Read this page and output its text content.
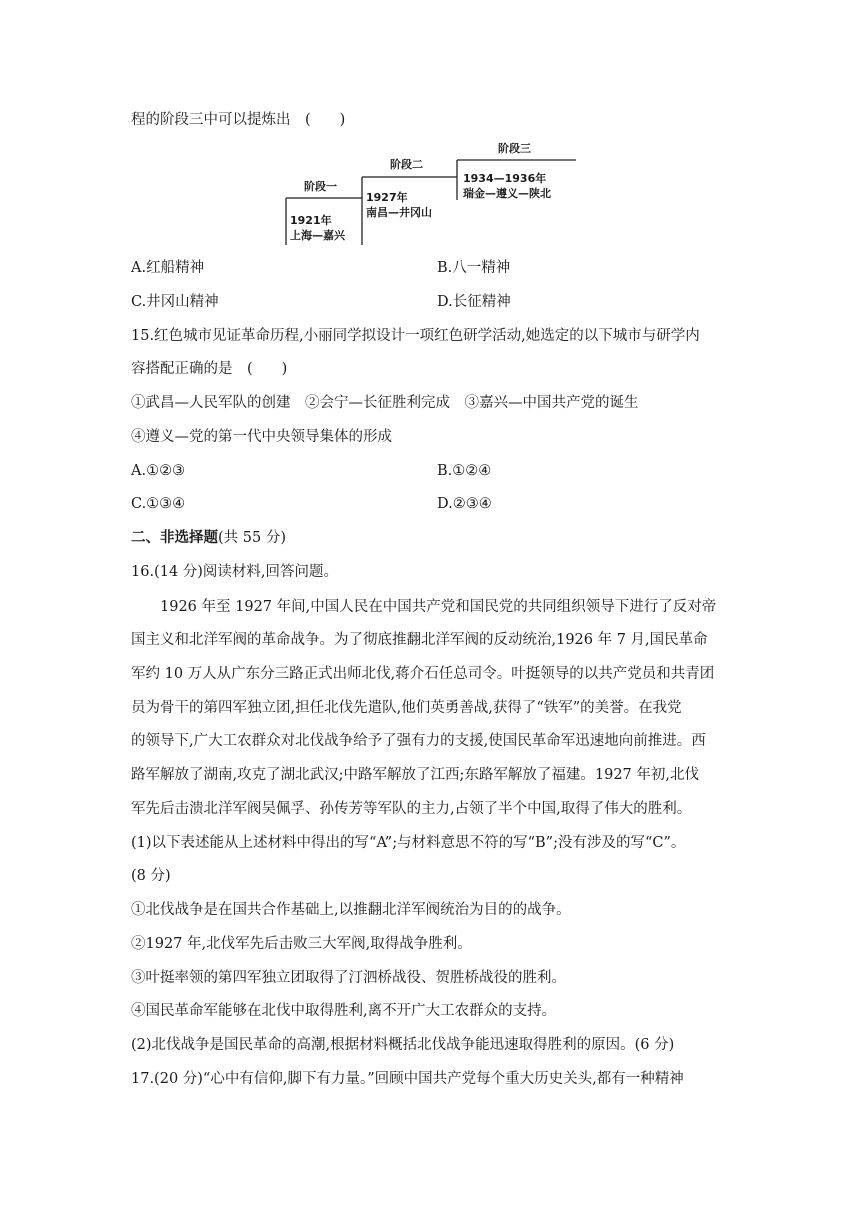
程的阶段三中可以提炼出　(　　)
阶段一
1921年
上海—嘉兴
阶段二
1927年
南昌—井冈山
阶段三
1934—1936年
瑞金—遵义—陕北
A.红船精神	B.八一精神
C.井冈山精神	D.长征精神
15.红色城市见证革命历程,小丽同学拟设计一项红色研学活动,她选定的以下城市与研学内
容搭配正确的是　(　　)
①武昌—人民军队的创建　②会宁—长征胜利完成　③嘉兴—中国共产党的诞生
④遵义—党的第一代中央领导集体的形成
A.①②③	B.①②④
C.①③④	D.②③④
二、非选择题(共 55 分)
16.(14 分)阅读材料,回答问题。
1926 年至 1927 年间,中国人民在中国共产党和国民党的共同组织领导下进行了反对帝
国主义和北洋军阀的革命战争。为了彻底推翻北洋军阀的反动统治,1926 年 7 月,国民革命
军约 10 万人从广东分三路正式出师北伐,蒋介石任总司令。叶挺领导的以共产党员和共青团
员为骨干的第四军独立团,担任北伐先遣队,他们英勇善战,获得了“铁军”的美誉。在我党
的领导下,广大工农群众对北伐战争给予了强有力的支援,使国民革命军迅速地向前推进。西
路军解放了湖南,攻克了湖北武汉;中路军解放了江西;东路军解放了福建。1927 年初,北伐
军先后击溃北洋军阀吴佩孚、孙传芳等军队的主力,占领了半个中国,取得了伟大的胜利。
(1)以下表述能从上述材料中得出的写“A”;与材料意思不符的写“B”;没有涉及的写“C”。
(8 分)
①北伐战争是在国共合作基础上,以推翻北洋军阀统治为目的的战争。
②1927 年,北伐军先后击败三大军阀,取得战争胜利。
③叶挺率领的第四军独立团取得了汀泗桥战役、贺胜桥战役的胜利。
④国民革命军能够在北伐中取得胜利,离不开广大工农群众的支持。
(2)北伐战争是国民革命的高潮,根据材料概括北伐战争能迅速取得胜利的原因。(6 分)
17.(20 分)“心中有信仰,脚下有力量。”回顾中国共产党每个重大历史关头,都有一种精神
